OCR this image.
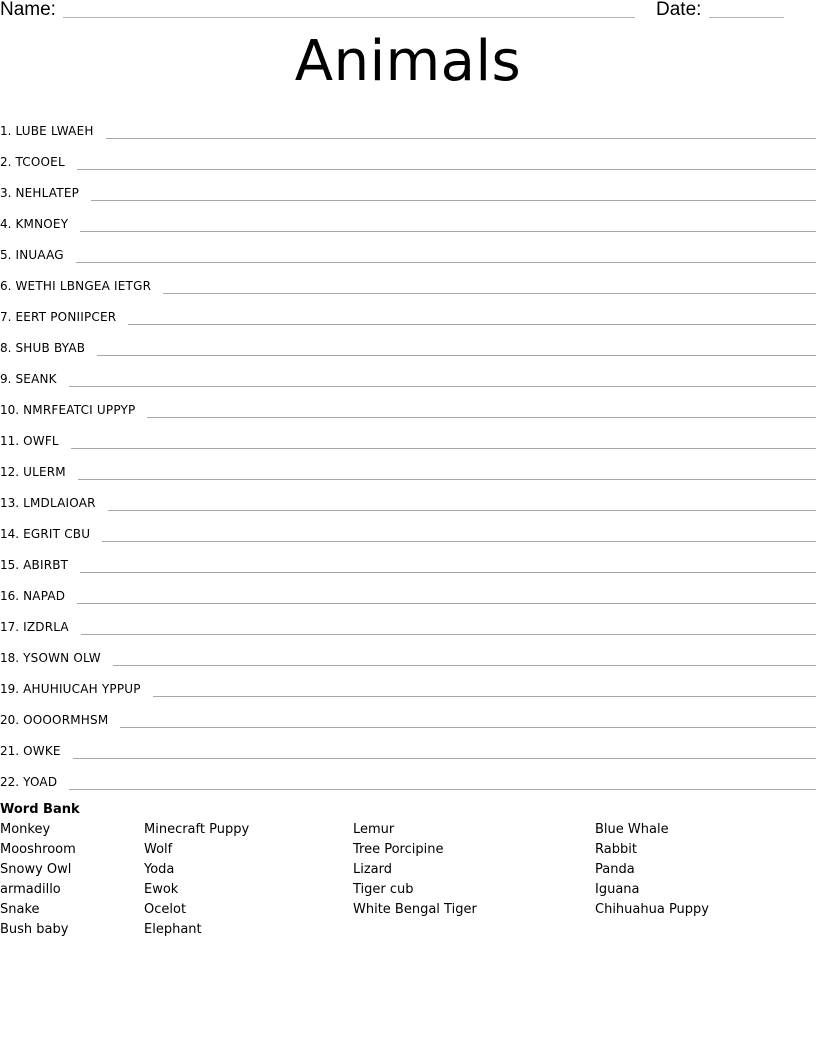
Name:	Date:
Animals
1.
LUBE LWAEH
2.
TCOOEL
3.
NEHLATEP
4.
KMNOEY
5.
INUAAG
6.
WETHI LBNGEA IETGR
7.
EERT PONIIPCER
8.
SHUB BYAB
9.
SEANK
10.
NMRFEATCI UPPYP
11.
OWFL
12.
ULERM
13.
LMDLAIOAR
14.
EGRIT CBU
15.
ABIRBT
16.
NAPAD
17.
IZDRLA
18.
YSOWN OLW
19.
AHUHIUCAH YPPUP
20.
OOOORMHSM
21.
OWKE
22.
YOAD
Word Bank
Monkey
Mooshroom
Snowy Owl
armadillo
Snake
Bush baby
Minecraft Puppy
Wolf
Yoda
Ewok
Ocelot
Elephant
Lemur
Tree Porcipine
Lizard
Tiger cub
White Bengal Tiger
Blue Whale
Rabbit
Panda
Iguana
Chihuahua Puppy
